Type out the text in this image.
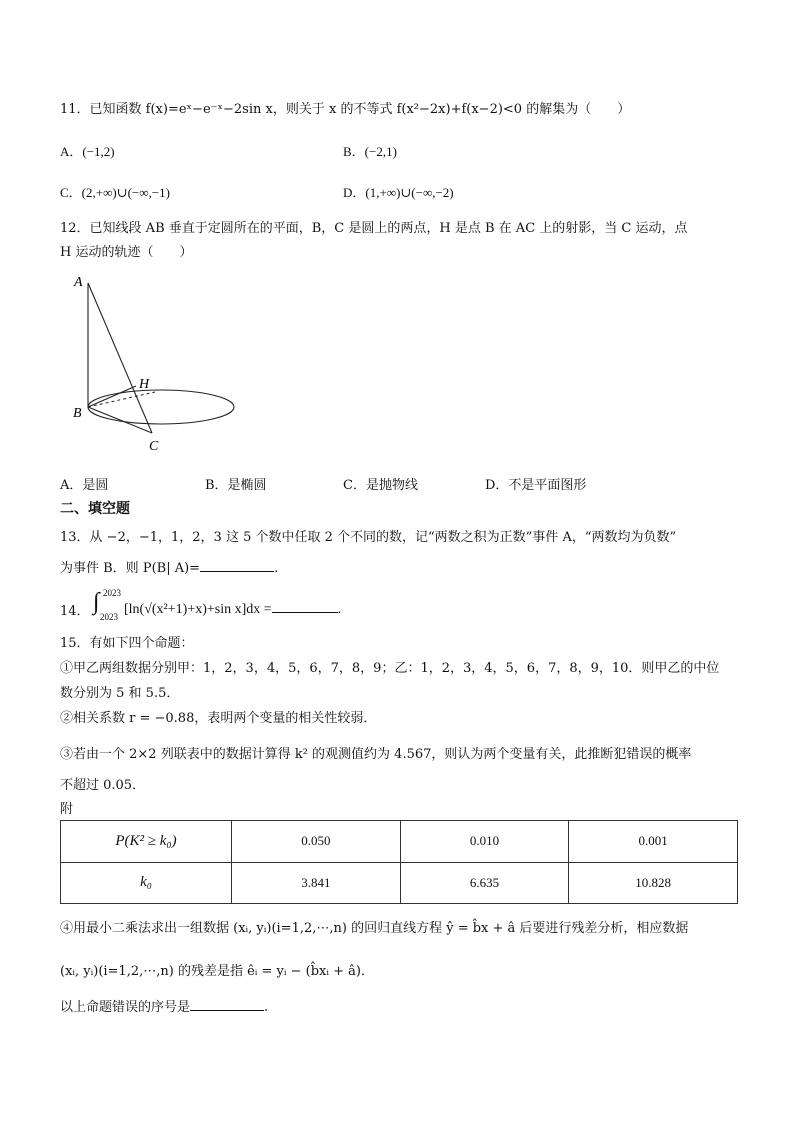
11．已知函数 f(x)=eˣ−e⁻ˣ−2sin x，则关于 x 的不等式 f(x²−2x)+f(x−2)<0 的解集为（　　）
A．(−1,2)	B．(−2,1)
C．(2,+∞)∪(−∞,−1)	D．(1,+∞)∪(−∞,−2)
12．已知线段 AB 垂直于定圆所在的平面，B，C 是圆上的两点，H 是点 B 在 AC 上的射影，当 C 运动，点
H 运动的轨迹（　　）
A
B
C
H
A．是圆	B．是椭圆	C．是抛物线	D．不是平面图形
二、填空题
13．从 −2，−1，1，2，3 这 5 个数中任取 2 个不同的数，记“两数之积为正数”事件 A，“两数均为负数”
为事件 B．则 P(B| A)=	.
14． ∫ 2023
2023 [ln(√(x²+1)+x)+sin x]dx =	.
15．有如下四个命题：
①甲乙两组数据分别甲：1，2，3，4，5，6，7，8，9；乙：1，2，3，4，5，6，7，8，9，10．则甲乙的中位
数分别为 5 和 5.5．
②相关系数 r = −0.88，表明两个变量的相关性较弱．
③若由一个 2×2 列联表中的数据计算得 k² 的观测值约为 4.567，则认为两个变量有关，此推断犯错误的概率
不超过 0.05．
附
P(K² ≥ k₀)	0.050	0.010	0.001
k₀	3.841	6.635	10.828
④用最小二乘法求出一组数据 (xᵢ, yᵢ)(i=1,2,⋯,n) 的回归直线方程 ŷ = b̂x + â 后要进行残差分析，相应数据
(xᵢ, yᵢ)(i=1,2,⋯,n) 的残差是指 êᵢ = yᵢ − (b̂xᵢ + â)．
以上命题错误的序号是	.
